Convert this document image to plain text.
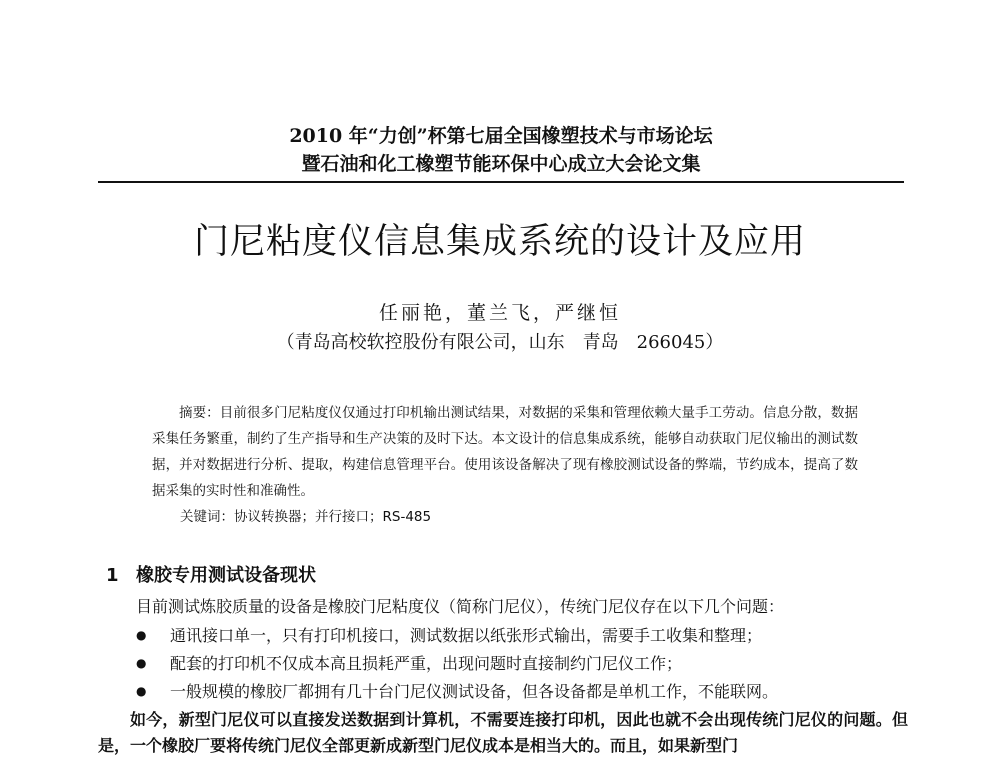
2010 年“力创”杯第七届全国橡塑技术与市场论坛
暨石油和化工橡塑节能环保中心成立大会论文集
门尼粘度仪信息集成系统的设计及应用
任丽艳，董兰飞，严继恒
（青岛高校软控股份有限公司，山东　青岛　266045）

摘要：目前很多门尼粘度仪仅通过打印机输出测试结果，对数据的采集和管理依赖大量手工劳动。信息分散，数据采集任务繁重，制约了生产指导和生产决策的及时下达。本文设计的信息集成系统，能够自动获取门尼仪输出的测试数据，并对数据进行分析、提取，构建信息管理平台。使用该设备解决了现有橡胶测试设备的弊端，节约成本，提高了数据采集的实时性和准确性。

关键词：协议转换器；并行接口；RS-485
1 橡胶专用测试设备现状
目前测试炼胶质量的设备是橡胶门尼粘度仪（简称门尼仪），传统门尼仪存在以下几个问题：
● 通讯接口单一，只有打印机接口，测试数据以纸张形式输出，需要手工收集和整理；
● 配套的打印机不仅成本高且损耗严重，出现问题时直接制约门尼仪工作；
● 一般规模的橡胶厂都拥有几十台门尼仪测试设备，但各设备都是单机工作，不能联网。

如今，新型门尼仪可以直接发送数据到计算机，不需要连接打印机，因此也就不会出现传统门尼仪的问题。但是，一个橡胶厂要将传统门尼仪全部更新成新型门尼仪成本是相当大的。而且，如果新型门
